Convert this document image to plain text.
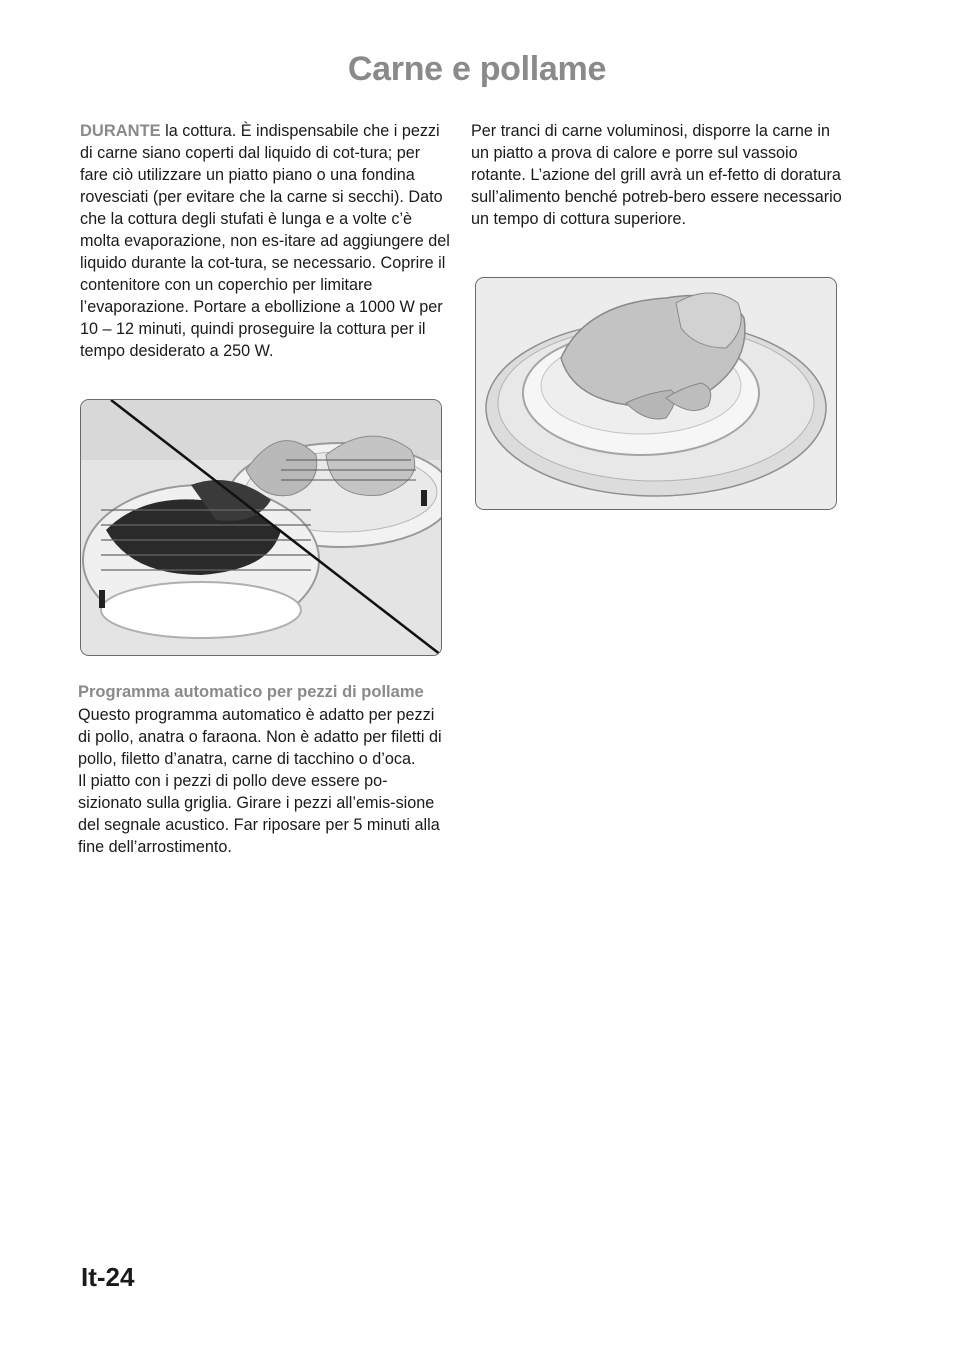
Carne e pollame

DURANTE la cottura. È indispensabile che i pezzi di carne siano coperti dal liquido di cot-tura; per fare ciò utilizzare un piatto piano o una fondina rovesciati (per evitare che la carne si secchi). Dato che la cottura degli stufati è lunga e a volte c’è molta evaporazione, non es-itare ad aggiungere del liquido durante la cot-tura, se necessario. Coprire il contenitore con un coperchio per limitare l’evaporazione. Portare a ebollizione a 1000 W per 10 – 12 minuti, quindi proseguire la cottura per il tempo desiderato a 250 W.

Per tranci di carne voluminosi, disporre la carne in un piatto a prova di calore e porre sul vassoio rotante. L’azione del grill avrà un ef-fetto di doratura sull’alimento benché potreb-bero essere necessario un tempo di cottura superiore.

Programma automatico per pezzi di pollame

Questo programma automatico è adatto per pezzi di pollo, anatra o faraona. Non è adatto per filetti di pollo, filetto d’anatra, carne di tacchino o d’oca.

Il piatto con i pezzi di pollo deve essere po-sizionato sulla griglia. Girare i pezzi all’emis-sione del segnale acustico. Far riposare per 5 minuti alla fine dell’arrostimento.

It-24
